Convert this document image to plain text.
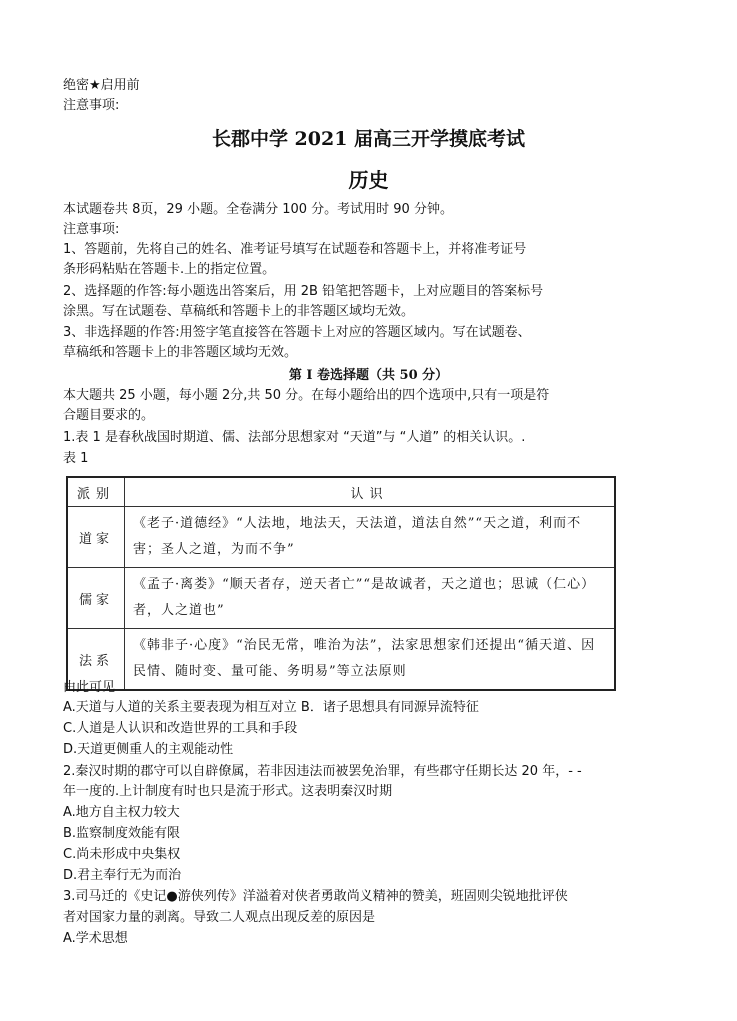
绝密★启用前
注意事项:
长郡中学 2021 届高三开学摸底考试
历史
本试题卷共 8页，29 小题。全卷满分 100 分。考试用时 90 分钟。
注意事项:
1、答题前，先将自己的姓名、准考证号填写在试题卷和答题卡上，并将准考证号
条形码粘贴在答题卡.上的指定位置。
2、选择题的作答:每小题选出答案后，用 2B 铅笔把答题卡，上对应题目的答案标号
涂黑。写在试题卷、草稿纸和答题卡上的非答题区域均无效。
3、非选择题的作答:用签字笔直接答在答题卡上对应的答题区域内。写在试题卷、
草稿纸和答题卡上的非答题区域均无效。
第 I 卷选择题（共 50 分）
本大题共 25 小题，每小题 2分,共 50 分。在每小题给出的四个选项中,只有一项是符
合题目要求的。
1.表 1 是春秋战国时期道、儒、法部分思想家对 “天道”与 “人道” 的相关认识。.
表 1
派别	认识
道家	《老子·道德经》“人法地，地法天，天法道，道法自然”“天之道，利而不害；圣人之道，为而不争”
儒家	《孟子·离娄》“顺天者存，逆天者亡”“是故诚者，天之道也；思诚（仁心）者，人之道也”
法系	《韩非子·心度》“治民无常，唯治为法”，法家思想家们还提出“循天道、因民情、随时变、量可能、务明易”等立法原则
由此可见
A.天道与人道的关系主要表现为相互对立 B．诸子思想具有同源异流特征
C.人道是人认识和改造世界的工具和手段
D.天道更侧重人的主观能动性
2.秦汉时期的郡守可以自辟僚属，若非因违法而被罢免治罪，有些郡守任期长达 20 年，- -
年一度的.上计制度有时也只是流于形式。这表明秦汉时期
A.地方自主权力较大
B.监察制度效能有限
C.尚未形成中央集权
D.君主奉行无为而治
3.司马迁的《史记●游侠列传》洋溢着对侠者勇敢尚义精神的赞美，班固则尖锐地批评侠
者对国家力量的剥离。导致二人观点出现反差的原因是
A.学术思想
